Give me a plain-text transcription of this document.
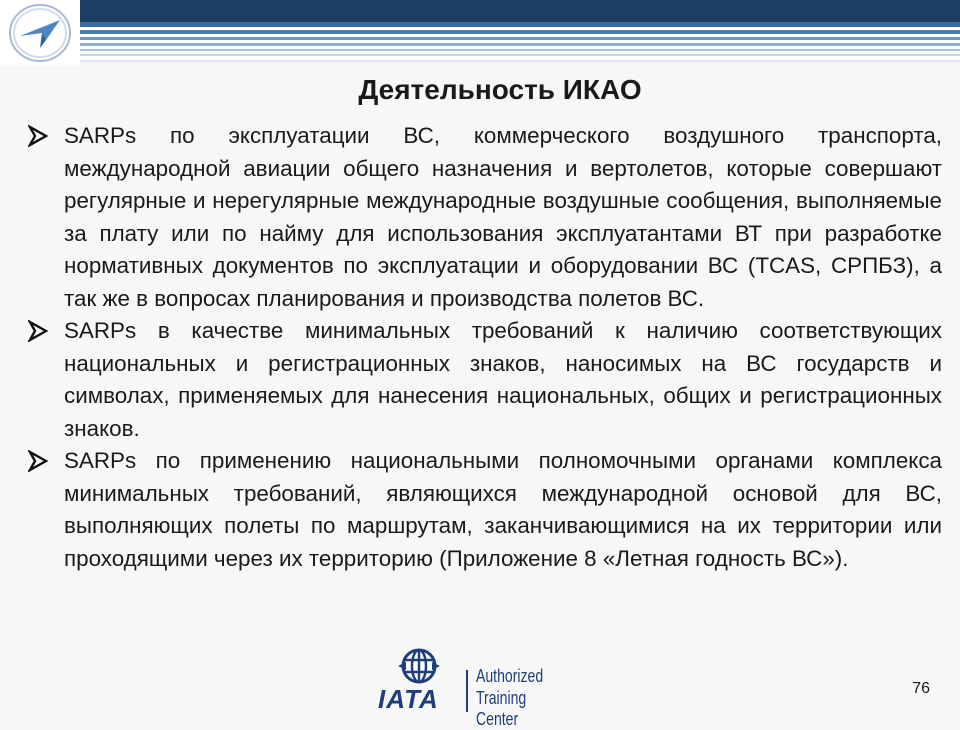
Деятельность ИКАО
SARPs по эксплуатации ВС, коммерческого воздушного транспорта, международной авиации общего назначения и вертолетов, которые совершают регулярные и нерегулярные международные воздушные сообщения, выполняемые за плату или по найму для использования эксплуатантами ВТ при разработке нормативных документов по эксплуатации и оборудовании ВС (TCAS, СРПБЗ), а так же в вопросах планирования и производства полетов ВС.
SARPs в качестве минимальных требований к наличию соответствующих национальных и регистрационных знаков, наносимых на ВС государств и символах, применяемых для нанесения национальных, общих и регистрационных знаков.
SARPs по применению национальными полномочными органами комплекса минимальных требований, являющихся международной основой для ВС, выполняющих полеты по маршрутам, заканчивающимися на их территории или проходящими через их территорию (Приложение 8 «Летная годность ВС»).
IATA
Authorized
Training Center
76
